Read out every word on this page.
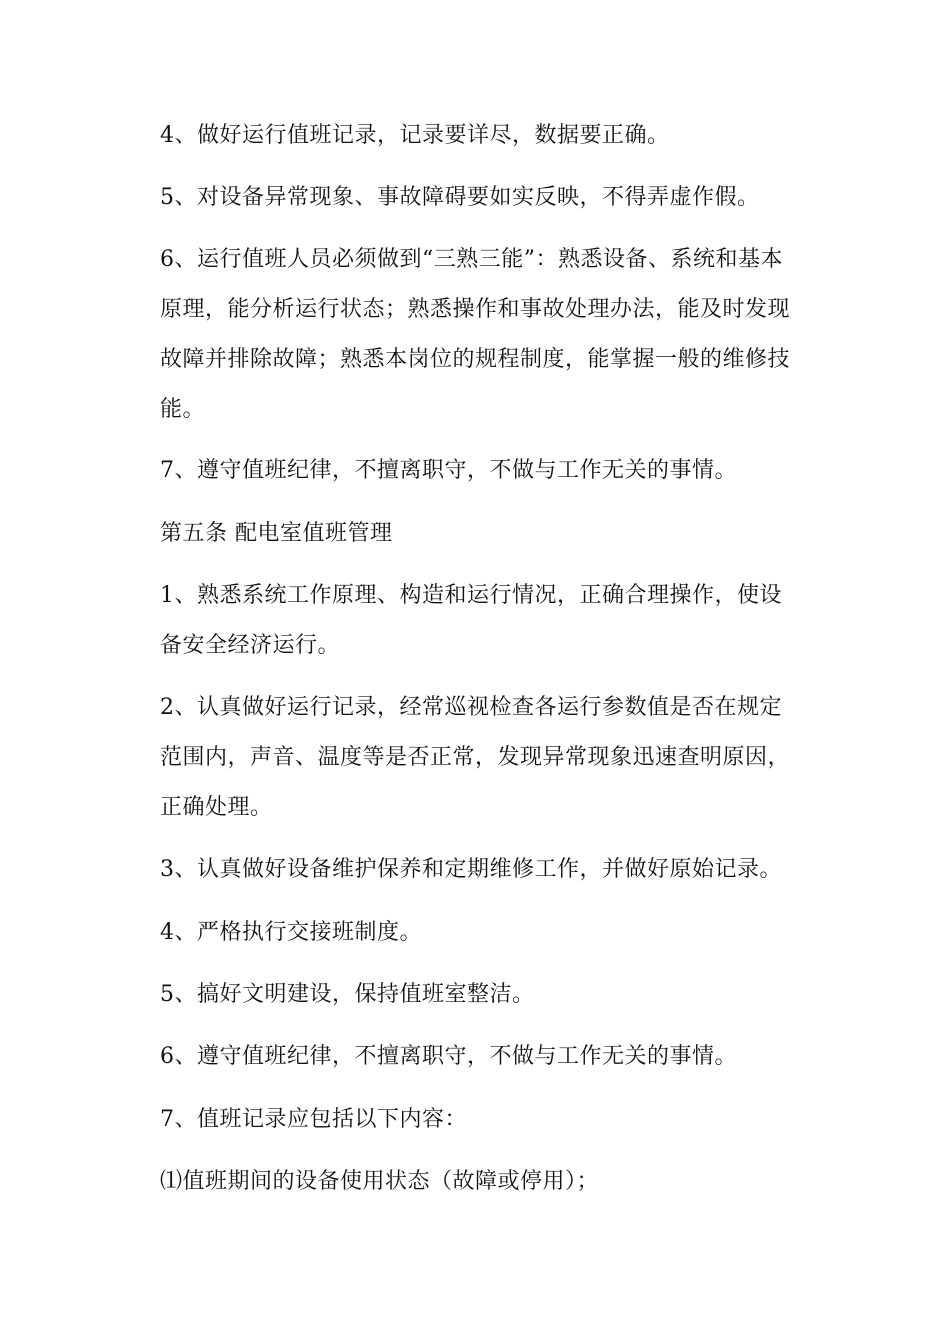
4、做好运行值班记录，记录要详尽，数据要正确。

5、对设备异常现象、事故障碍要如实反映，不得弄虚作假。

6、运行值班人员必须做到“三熟三能”：熟悉设备、系统和基本原理，能分析运行状态；熟悉操作和事故处理办法，能及时发现故障并排除故障；熟悉本岗位的规程制度，能掌握一般的维修技能。

7、遵守值班纪律，不擅离职守，不做与工作无关的事情。

第五条 配电室值班管理

1、熟悉系统工作原理、构造和运行情况，正确合理操作，使设备安全经济运行。

2、认真做好运行记录，经常巡视检查各运行参数值是否在规定范围内，声音、温度等是否正常，发现异常现象迅速查明原因，正确处理。

3、认真做好设备维护保养和定期维修工作，并做好原始记录。

4、严格执行交接班制度。

5、搞好文明建设，保持值班室整洁。

6、遵守值班纪律，不擅离职守，不做与工作无关的事情。

7、值班记录应包括以下内容：

⑴值班期间的设备使用状态（故障或停用）；
